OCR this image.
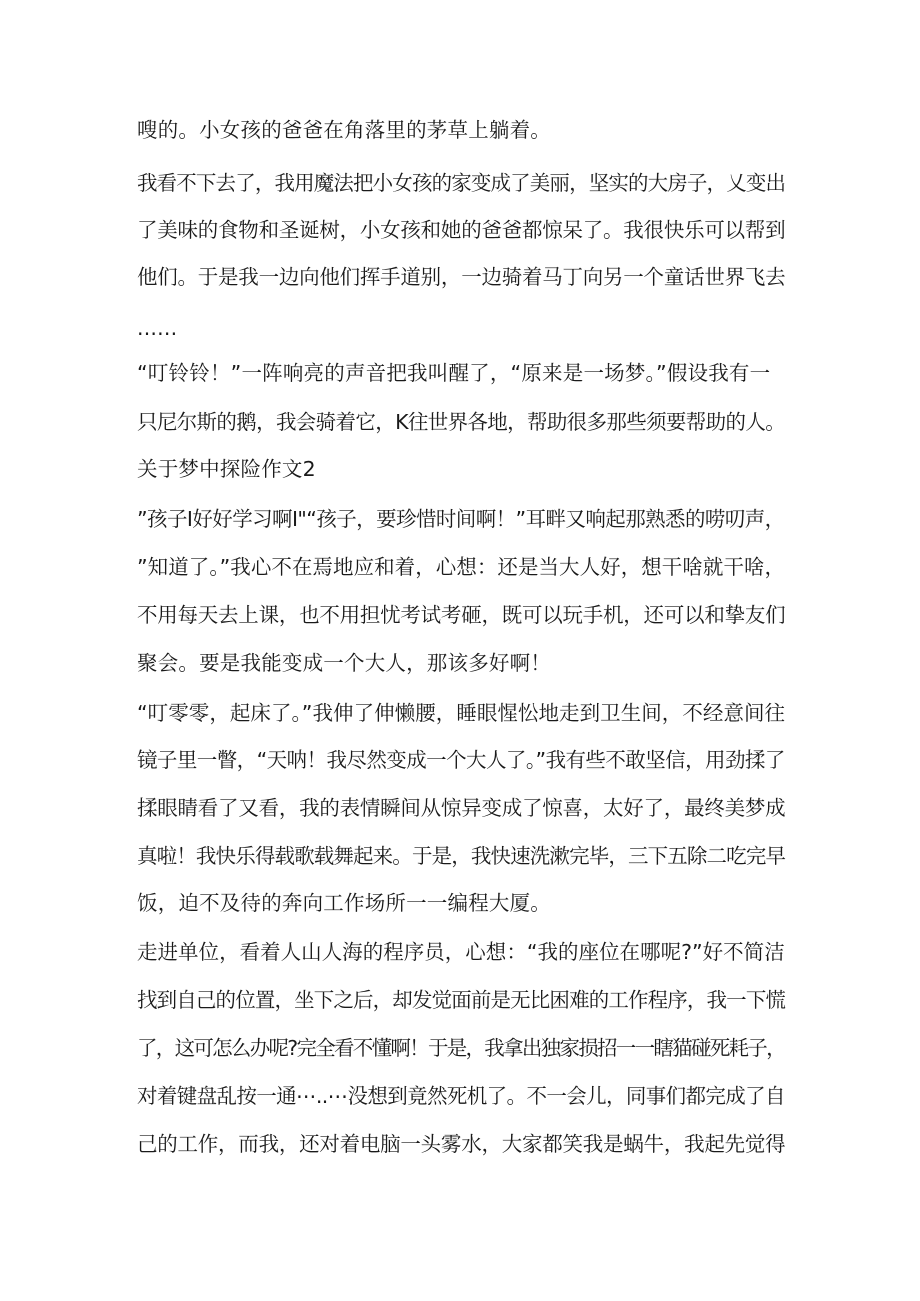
嗖的。小女孩的爸爸在角落里的茅草上躺着。
我看不下去了，我用魔法把小女孩的家变成了美丽，坚实的大房子，乂变出
了美味的食物和圣诞树，小女孩和她的爸爸都惊呆了。我很快乐可以帮到
他们。于是我一边向他们挥手道别，一边骑着马丁向另一个童话世界飞去
......
“叮铃铃！”一阵响亮的声音把我叫醒了，“原来是一场梦。”假设我有一
只尼尔斯的鹅，我会骑着它，K往世界各地，帮助很多那些须要帮助的人。
关于梦中探险作文2
”孩子I好好学习啊I"“孩子，要珍惜时间啊！”耳畔又响起那熟悉的唠叨声，
”知道了。”我心不在焉地应和着，心想：还是当大人好，想干啥就干啥，
不用每天去上课，也不用担忧考试考砸，既可以玩手机，还可以和挚友们
聚会。要是我能变成一个大人，那该多好啊！
“叮零零，起床了。”我伸了伸懒腰，睡眼惺忪地走到卫生间，不经意间往
镜子里一瞥，“天呐！我尽然变成一个大人了。”我有些不敢坚信，用劲揉了
揉眼睛看了又看，我的表情瞬间从惊异变成了惊喜，太好了，最终美梦成
真啦！我快乐得载歌载舞起来。于是，我快速洗漱完毕，三下五除二吃完早
饭，迫不及待的奔向工作场所一一编程大厦。
走进单位，看着人山人海的程序员，心想：“我的座位在哪呢?”好不简洁
找到自己的位置，坐下之后，却发觉面前是无比困难的工作程序，我一下慌
了，这可怎么办呢?完全看不懂啊！于是，我拿出独家损招一一瞎猫碰死耗子，
对着键盘乱按一通⋯..⋯没想到竟然死机了。不一会儿，同事们都完成了自
己的工作，而我，还对着电脑一头雾水，大家都笑我是蜗牛，我起先觉得
